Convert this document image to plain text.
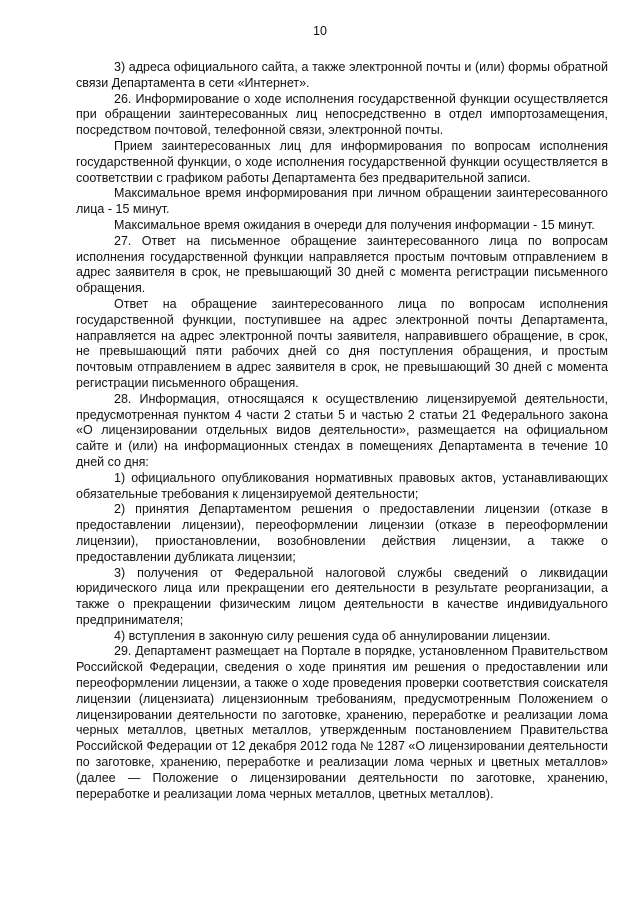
10

3) адреса официального сайта, а также электронной почты и (или) формы обратной связи Департамента в сети «Интернет».

26. Информирование о ходе исполнения государственной функции осуществляется при обращении заинтересованных лиц непосредственно в отдел импортозамещения, посредством почтовой, телефонной связи, электронной почты.

Прием заинтересованных лиц для информирования по вопросам исполнения государственной функции, о ходе исполнения государственной функции осуществляется в соответствии с графиком работы Департамента без предварительной записи.

Максимальное время информирования при личном обращении заинтересованного лица - 15 минут.

Максимальное время ожидания в очереди для получения информации - 15 минут.

27. Ответ на письменное обращение заинтересованного лица по вопросам исполнения государственной функции направляется простым почтовым отправлением в адрес заявителя в срок, не превышающий 30 дней с момента регистрации письменного обращения.

Ответ на обращение заинтересованного лица по вопросам исполнения государственной функции, поступившее на адрес электронной почты Департамента, направляется на адрес электронной почты заявителя, направившего обращение, в срок, не превышающий пяти рабочих дней со дня поступления обращения, и простым почтовым отправлением в адрес заявителя в срок, не превышающий 30 дней с момента регистрации письменного обращения.

28. Информация, относящаяся к осуществлению лицензируемой деятельности, предусмотренная пунктом 4 части 2 статьи 5 и частью 2 статьи 21 Федерального закона «О лицензировании отдельных видов деятельности», размещается на официальном сайте и (или) на информационных стендах в помещениях Департамента в течение 10 дней со дня:

1) официального опубликования нормативных правовых актов, устанавливающих обязательные требования к лицензируемой деятельности;

2) принятия Департаментом решения о предоставлении лицензии (отказе в предоставлении лицензии), переоформлении лицензии (отказе в переоформлении лицензии), приостановлении, возобновлении действия лицензии, а также о предоставлении дубликата лицензии;

3) получения от Федеральной налоговой службы сведений о ликвидации юридического лица или прекращении его деятельности в результате реорганизации, а также о прекращении физическим лицом деятельности в качестве индивидуального предпринимателя;

4) вступления в законную силу решения суда об аннулировании лицензии.

29. Департамент размещает на Портале в порядке, установленном Правительством Российской Федерации, сведения о ходе принятия им решения о предоставлении или переоформлении лицензии, а также о ходе проведения проверки соответствия соискателя лицензии (лицензиата) лицензионным требованиям, предусмотренным Положением о лицензировании деятельности по заготовке, хранению, переработке и реализации лома черных металлов, цветных металлов, утвержденным постановлением Правительства Российской Федерации от 12 декабря 2012 года № 1287 «О лицензировании деятельности по заготовке, хранению, переработке и реализации лома черных и цветных металлов» (далее — Положение о лицензировании деятельности по заготовке, хранению, переработке и реализации лома черных металлов, цветных металлов).
